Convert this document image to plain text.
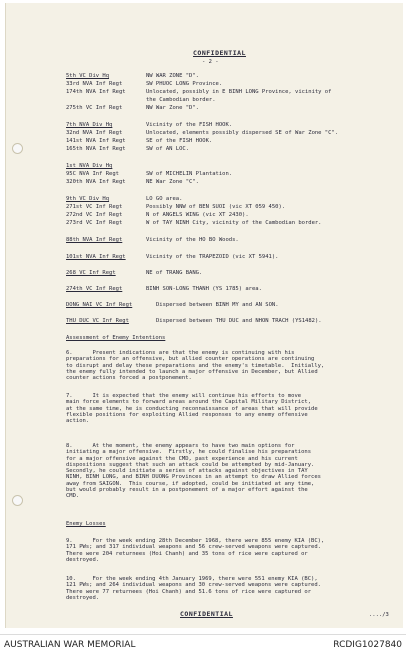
CONFIDENTIAL
- 2 -
5th VC Div Hq	NW WAR ZONE "D".
33rd NVA Inf Regt	SW PHUOC LONG Province.
174th NVA Inf Regt	Unlocated, possibly in E BINH LONG Province, vicinity of
the Cambodian border.
275th VC Inf Regt	NW War Zone "D".
7th NVA Div Hq	Vicinity of the FISH HOOK.
32nd NVA Inf Regt	Unlocated, elements possibly dispersed SE of War Zone "C".
141st NVA Inf Regt	SE of the FISH HOOK.
165th NVA Inf Regt	SW of AN LOC.
1st NVA Div Hq
95C NVA Inf Regt	SW of MICHELIN Plantation.
320th NVA Inf Regt	NE War Zone "C".
9th VC Div Hq	LO GO area.
271st VC Inf Regt	Possibly NNW of BEN SUOI (vic XT 059 450).
272nd VC Inf Regt	N of ANGELS WING (vic XT 2430).
273rd VC Inf Regt	W of TAY NINH City, vicinity of the Cambodian border.
88th NVA Inf Regt	Vicinity of the HO BO Woods.
101st NVA Inf Regt	Vicinity of the TRAPEZOID (vic XT 5941).
268 VC Inf Regt	NE of TRANG BANG.
274th VC Inf Regt	BINH SON-LONG THANH (YS 1785) area.
DONG NAI VC Inf Regt	Dispersed between BINH MY and AN SON.
THU DUC VC Inf Regt	Dispersed between THU DUC and NHON TRACH (YS1482).
Assessment of Enemy Intentions
6.      Present indications are that the enemy is continuing with his
preparations for an offensive, but allied counter operations are continuing
to disrupt and delay these preparations and the enemy's timetable.  Initially,
the enemy fully intended to launch a major offensive in December, but Allied
counter actions forced a postponement.
7.      It is expected that the enemy will continue his efforts to move
main force elements to forward areas around the Capital Military District,
at the same time, he is conducting reconnaissance of areas that will provide
flexible positions for exploiting Allied responses to any enemy offensive
action.
8.      At the moment, the enemy appears to have two main options for
initiating a major offensive.  Firstly, he could finalise his preparations
for a major offensive against the CMD, past experience and his current
dispositions suggest that such an attack could be attempted by mid-January.
Secondly, he could initiate a series of attacks against objectives in TAY
NINH, BINH LONG, and BINH DUONG Provinces in an attempt to draw Allied forces
away from SAIGON.  This course, if adopted, could be initiated at any time,
but would probably result in a postponement of a major effort against the
CMD.
Enemy Losses
9.      For the week ending 28th December 1968, there were 855 enemy KIA (BC),
171 PWs; and 317 individual weapons and 56 crew-served weapons were captured.
There were 204 returnees (Hoi Chanh) and 35 tons of rice were captured or
destroyed.
10.     For the week ending 4th January 1969, there were 551 enemy KIA (BC),
121 PWs; and 264 individual weapons and 30 crew-served weapons were captured.
There were 77 returnees (Hoi Chanh) and 51.6 tons of rice were captured or
destroyed.
CONFIDENTIAL	..../3
AUSTRALIAN WAR MEMORIAL	RCDIG1027840
